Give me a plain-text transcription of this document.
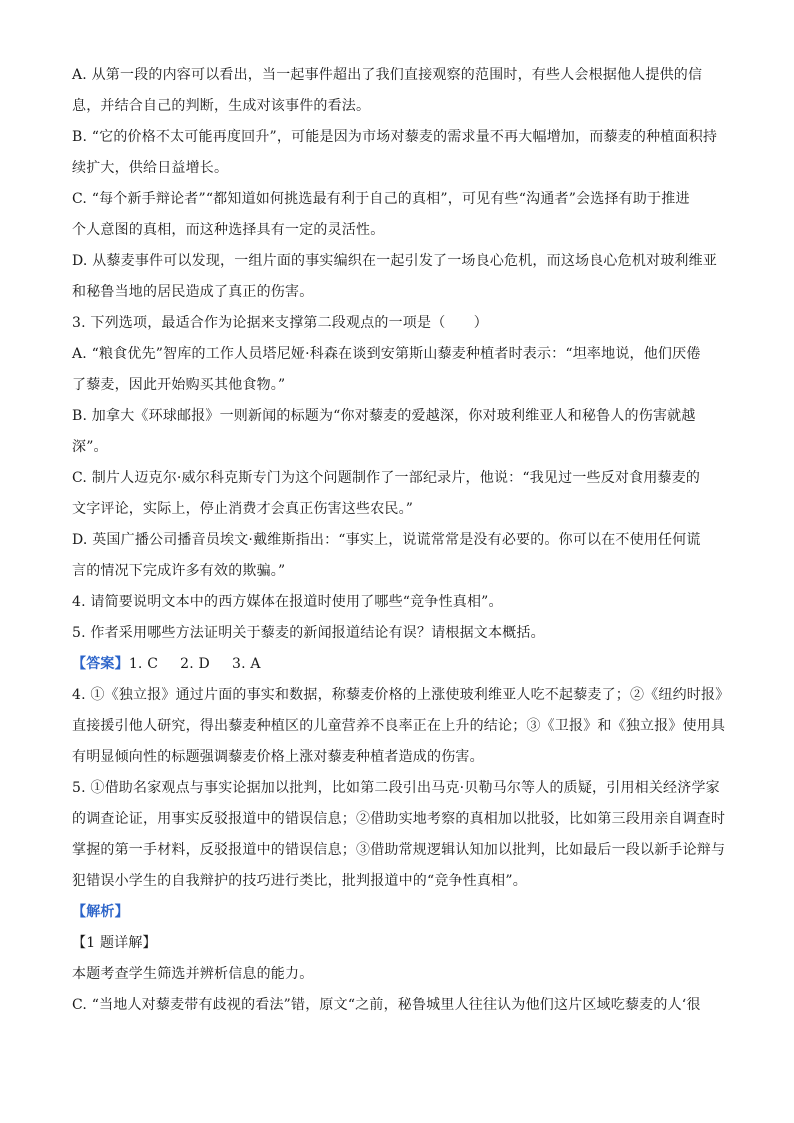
A. 从第一段的内容可以看出，当一起事件超出了我们直接观察的范围时，有些人会根据他人提供的信
息，并结合自己的判断，生成对该事件的看法。
B. “它的价格不太可能再度回升”，可能是因为市场对藜麦的需求量不再大幅增加，而藜麦的种植面积持
续扩大，供给日益增长。
C. “每个新手辩论者”“都知道如何挑选最有利于自己的真相”，可见有些“沟通者”会选择有助于推进
个人意图的真相，而这种选择具有一定的灵活性。
D. 从藜麦事件可以发现，一组片面的事实编织在一起引发了一场良心危机，而这场良心危机对玻利维亚
和秘鲁当地的居民造成了真正的伤害。
3. 下列选项，最适合作为论据来支撑第二段观点的一项是（　　）
A. “粮食优先”智库的工作人员塔尼娅·科森在谈到安第斯山藜麦种植者时表示：“坦率地说，他们厌倦
了藜麦，因此开始购买其他食物。”
B. 加拿大《环球邮报》一则新闻的标题为“你对藜麦的爱越深，你对玻利维亚人和秘鲁人的伤害就越
深”。
C. 制片人迈克尔·威尔科克斯专门为这个问题制作了一部纪录片，他说：“我见过一些反对食用藜麦的
文字评论，实际上，停止消费才会真正伤害这些农民。”
D. 英国广播公司播音员埃文·戴维斯指出：“事实上，说谎常常是没有必要的。你可以在不使用任何谎
言的情况下完成许多有效的欺骗。”
4. 请简要说明文本中的西方媒体在报道时使用了哪些“竞争性真相”。
5. 作者采用哪些方法证明关于藜麦的新闻报道结论有误？请根据文本概括。
【答案】1. C 2. D 3. A
4. ①《独立报》通过片面的事实和数据，称藜麦价格的上涨使玻利维亚人吃不起藜麦了；②《纽约时报》
直接援引他人研究，得出藜麦种植区的儿童营养不良率正在上升的结论；③《卫报》和《独立报》使用具
有明显倾向性的标题强调藜麦价格上涨对藜麦种植者造成的伤害。
5. ①借助名家观点与事实论据加以批判，比如第二段引出马克·贝勒马尔等人的质疑，引用相关经济学家
的调查论证，用事实反驳报道中的错误信息；②借助实地考察的真相加以批驳，比如第三段用亲自调查时
掌握的第一手材料，反驳报道中的错误信息；③借助常规逻辑认知加以批判，比如最后一段以新手论辩与
犯错误小学生的自我辩护的技巧进行类比，批判报道中的“竞争性真相”。
【解析】
【1 题详解】
本题考查学生筛选并辨析信息的能力。
C. “当地人对藜麦带有歧视的看法”错，原文“之前，秘鲁城里人往往认为他们这片区域吃藜麦的人‘很
